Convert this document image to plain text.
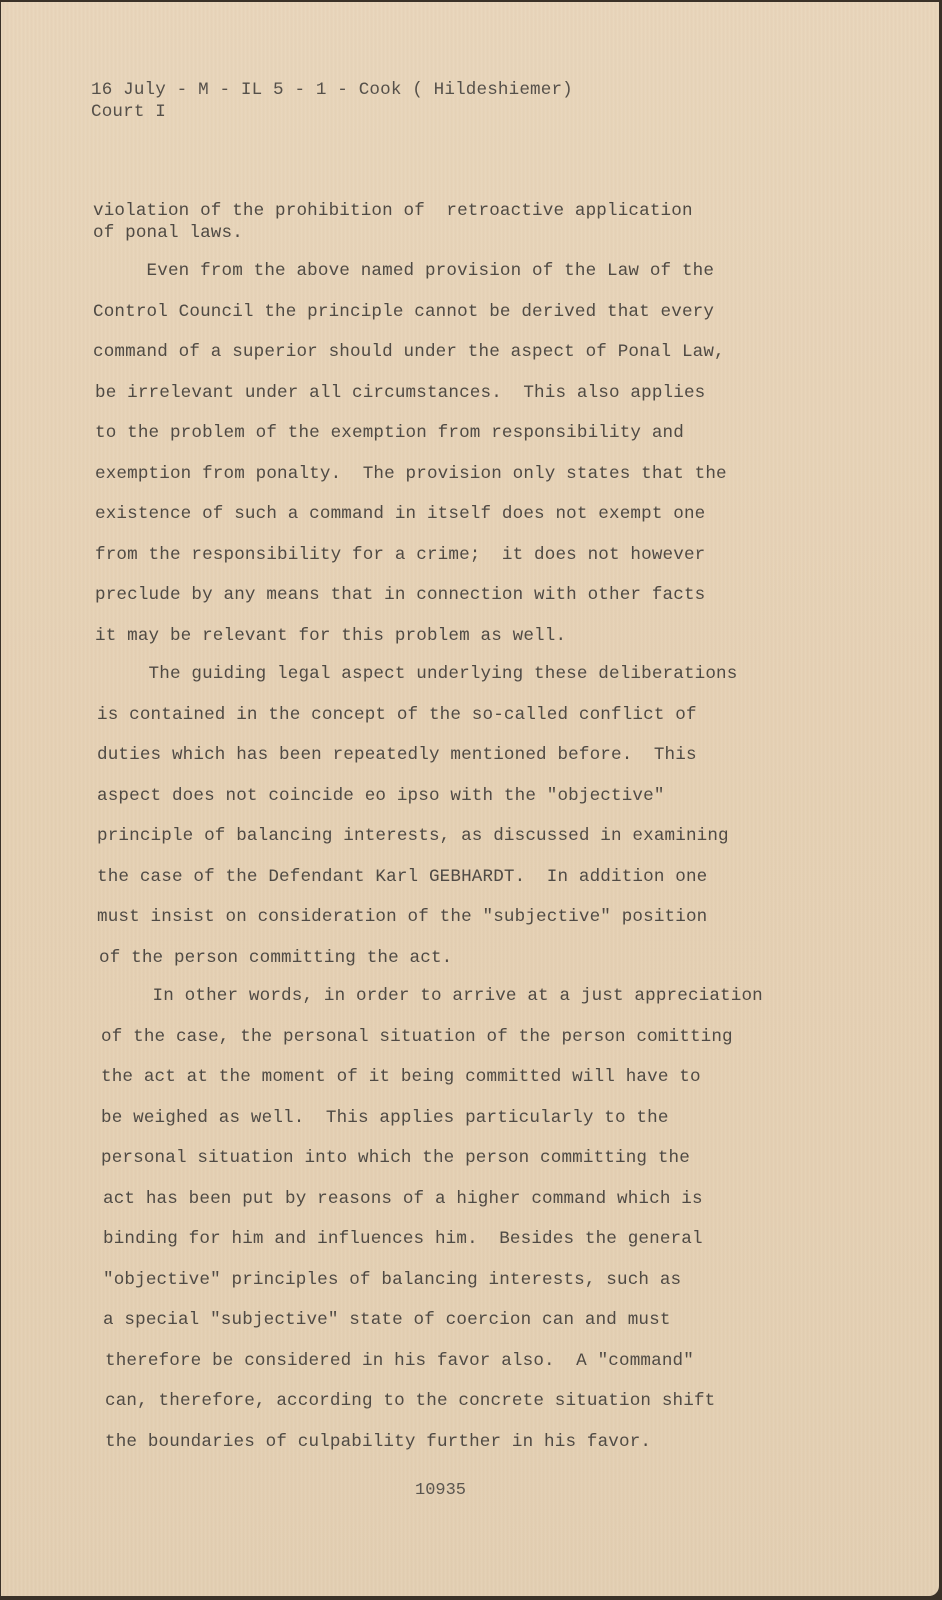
16 July - M - IL 5 - 1 - Cook ( Hildeshiemer)
Court I
violation of the prohibition of  retroactive application
of ponal laws.
Even from the above named provision of the Law of the
Control Council the principle cannot be derived that every
command of a superior should under the aspect of Ponal Law,
be irrelevant under all circumstances.  This also applies
to the problem of the exemption from responsibility and
exemption from ponalty.  The provision only states that the
existence of such a command in itself does not exempt one
from the responsibility for a crime;  it does not however
preclude by any means that in connection with other facts
it may be relevant for this problem as well.
The guiding legal aspect underlying these deliberations
is contained in the concept of the so-called conflict of
duties which has been repeatedly mentioned before.  This
aspect does not coincide eo ipso with the "objective"
principle of balancing interests, as discussed in examining
the case of the Defendant Karl GEBHARDT.  In addition one
must insist on consideration of the "subjective" position
of the person committing the act.
In other words, in order to arrive at a just appreciation
of the case, the personal situation of the person comitting
the act at the moment of it being committed will have to
be weighed as well.  This applies particularly to the
personal situation into which the person committing the
act has been put by reasons of a higher command which is
binding for him and influences him.  Besides the general
"objective" principles of balancing interests, such as
a special "subjective" state of coercion can and must
therefore be considered in his favor also.  A "command"
can, therefore, according to the concrete situation shift
the boundaries of culpability further in his favor.
10935
